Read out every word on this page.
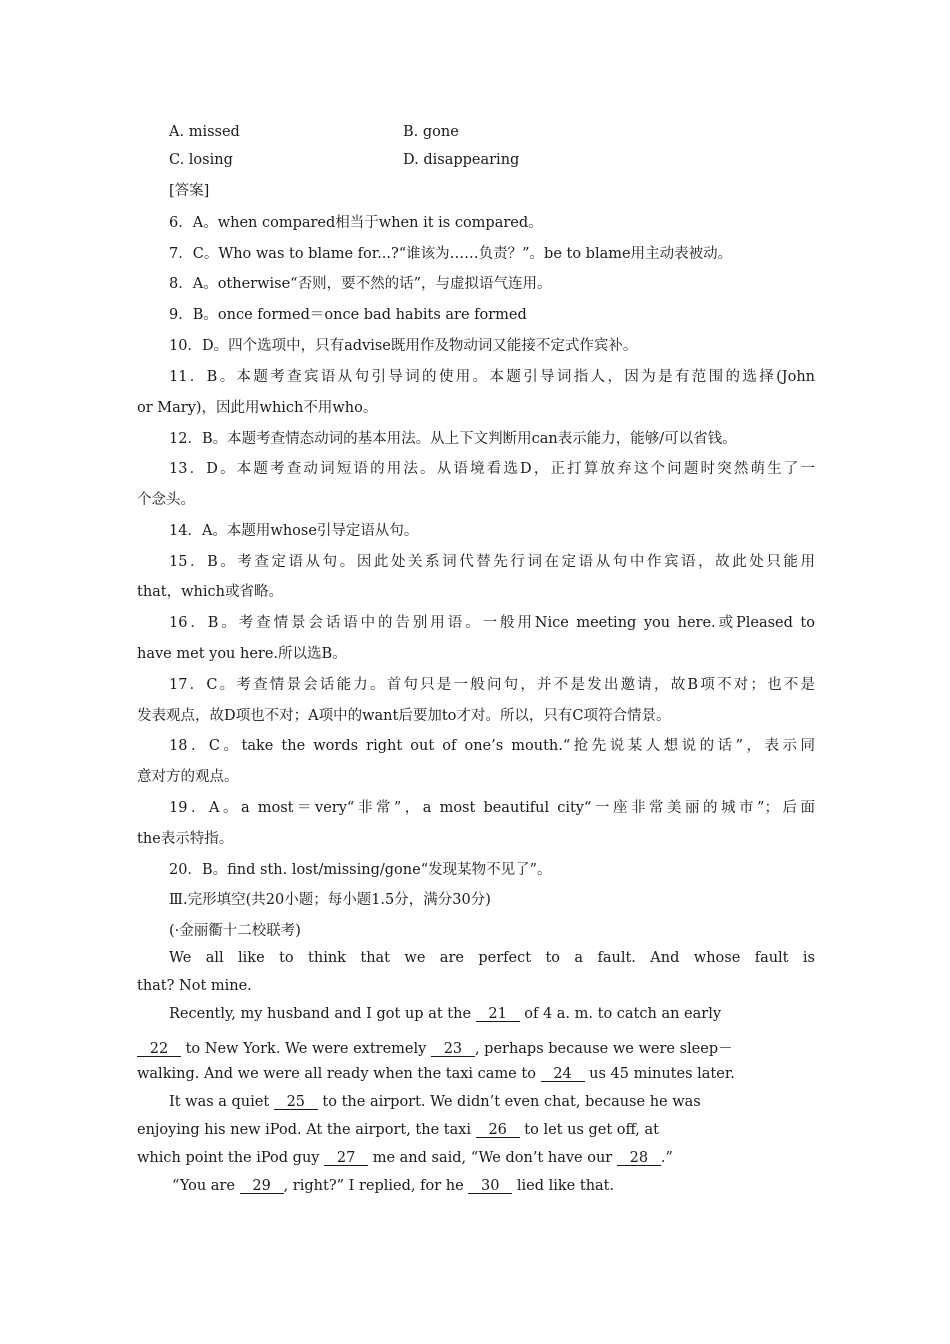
A. missed	B. gone
C. losing	D. disappearing
[答案]
6．A。when compared相当于when it is compared。
7．C。Who was to blame for...?“谁该为……负责？”。be to blame用主动表被动。
8．A。otherwise“否则，要不然的话”，与虚拟语气连用。
9．B。once formed＝once bad habits are formed
10．D。四个选项中，只有advise既用作及物动词又能接不定式作宾补。
11．B。本题考查宾语从句引导词的使用。本题引导词指人，因为是有范围的选择(John
or Mary)，因此用which不用who。
12．B。本题考查情态动词的基本用法。从上下文判断用can表示能力，能够/可以省钱。
13．D。本题考查动词短语的用法。从语境看选D，正打算放弃这个问题时突然萌生了一
个念头。
14．A。本题用whose引导定语从句。
15．B。考查定语从句。因此处关系词代替先行词在定语从句中作宾语，故此处只能用
that，which或省略。
16．B。考查情景会话语中的告别用语。一般用Nice meeting you here.或Pleased to
have met you here.所以选B。
17．C。考查情景会话能力。首句只是一般问句，并不是发出邀请，故B项不对；也不是
发表观点，故D项也不对；A项中的want后要加to才对。所以，只有C项符合情景。
18．C。take the words right out of one’s mouth.“抢先说某人想说的话”，表示同
意对方的观点。
19．A。a most＝very“非常”，a most beautiful city“一座非常美丽的城市”；后面
the表示特指。
20．B。find sth. lost/missing/gone“发现某物不见了”。
Ⅲ.完形填空(共20小题；每小题1.5分，满分30分)
(·金丽衢十二校联考)
We all like to think that we are perfect to a fault. And whose fault is
that? Not mine.
Recently, my husband and I got up at the 21 of 4 a. m. to catch an early
22 to New York. We were extremely 23 , perhaps because we were sleep－
walking. And we were all ready when the taxi came to 24 us 45 minutes later.
It was a quiet 25 to the airport. We didn’t even chat, because he was
enjoying his new iPod. At the airport, the taxi 26 to let us get off, at
which point the iPod guy 27 me and said, “We don’t have our 28 .”
“You are 29 , right?” I replied, for he 30 lied like that.
